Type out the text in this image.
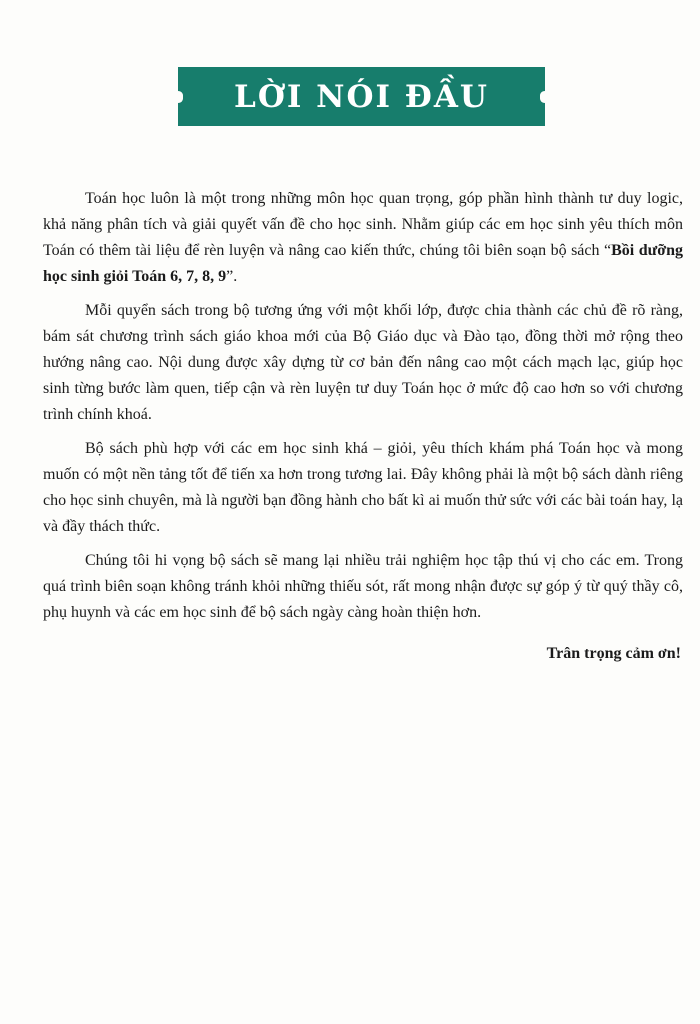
LỜI NÓI ĐẦU

Toán học luôn là một trong những môn học quan trọng, góp phần hình thành tư duy logic, khả năng phân tích và giải quyết vấn đề cho học sinh. Nhằm giúp các em học sinh yêu thích môn Toán có thêm tài liệu để rèn luyện và nâng cao kiến thức, chúng tôi biên soạn bộ sách “Bồi dưỡng học sinh giỏi Toán 6, 7, 8, 9”.

Mỗi quyển sách trong bộ tương ứng với một khối lớp, được chia thành các chủ đề rõ ràng, bám sát chương trình sách giáo khoa mới của Bộ Giáo dục và Đào tạo, đồng thời mở rộng theo hướng nâng cao. Nội dung được xây dựng từ cơ bản đến nâng cao một cách mạch lạc, giúp học sinh từng bước làm quen, tiếp cận và rèn luyện tư duy Toán học ở mức độ cao hơn so với chương trình chính khoá.

Bộ sách phù hợp với các em học sinh khá – giỏi, yêu thích khám phá Toán học và mong muốn có một nền tảng tốt để tiến xa hơn trong tương lai. Đây không phải là một bộ sách dành riêng cho học sinh chuyên, mà là người bạn đồng hành cho bất kì ai muốn thử sức với các bài toán hay, lạ và đầy thách thức.

Chúng tôi hi vọng bộ sách sẽ mang lại nhiều trải nghiệm học tập thú vị cho các em. Trong quá trình biên soạn không tránh khỏi những thiếu sót, rất mong nhận được sự góp ý từ quý thầy cô, phụ huynh và các em học sinh để bộ sách ngày càng hoàn thiện hơn.

Trân trọng cảm ơn!
